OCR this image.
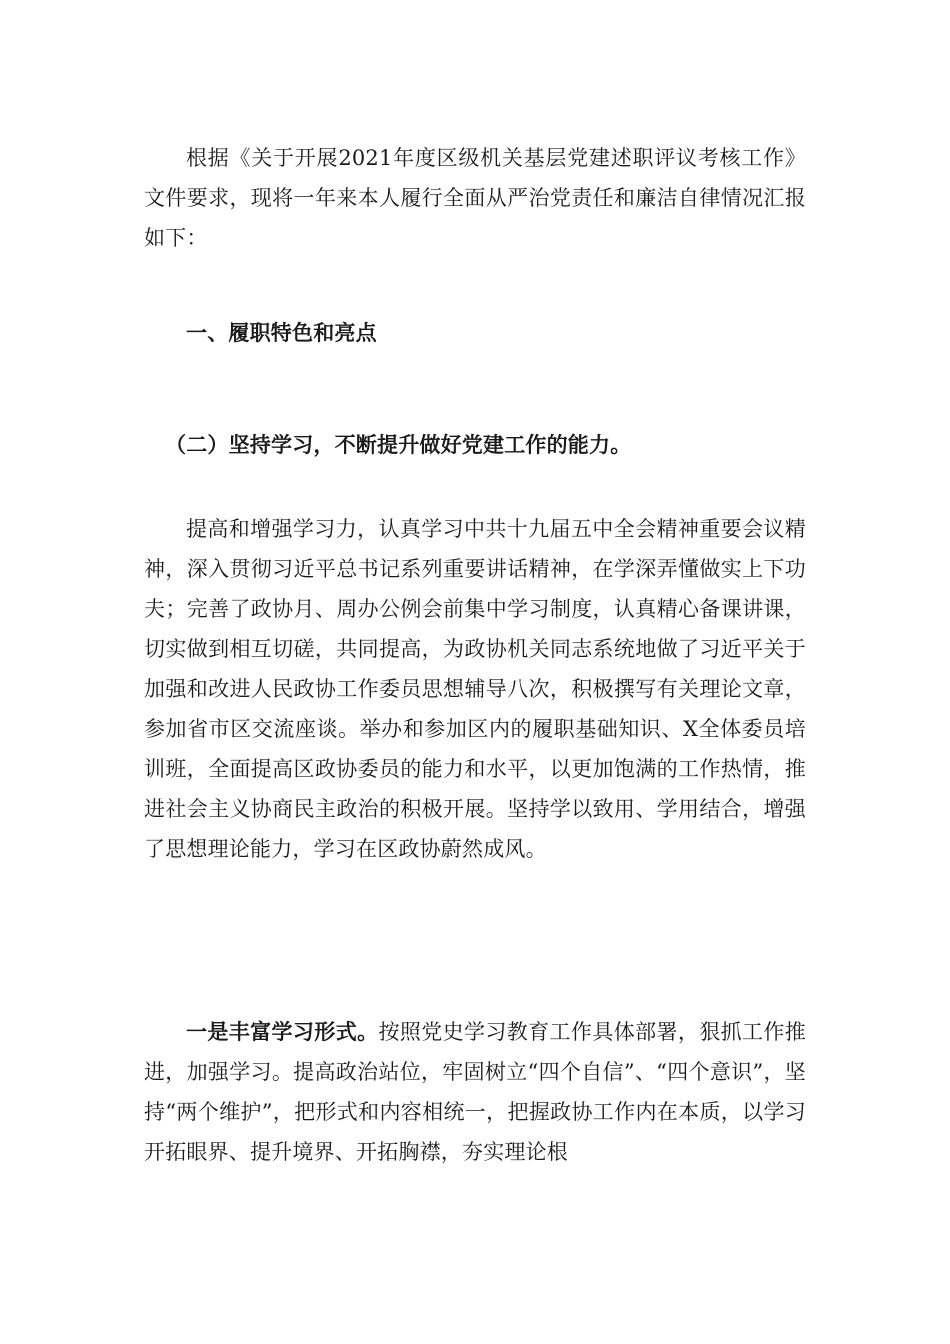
根据《关于开展2021年度区级机关基层党建述职评议考核工作》文件要求，现将一年来本人履行全面从严治党责任和廉洁自律情况汇报如下：

一、履职特色和亮点

（二）坚持学习，不断提升做好党建工作的能力。

提高和增强学习力，认真学习中共十九届五中全会精神重要会议精神，深入贯彻习近平总书记系列重要讲话精神，在学深弄懂做实上下功夫；完善了政协月、周办公例会前集中学习制度，认真精心备课讲课，切实做到相互切磋，共同提高，为政协机关同志系统地做了习近平关于加强和改进人民政协工作委员思想辅导八次，积极撰写有关理论文章，参加省市区交流座谈。举办和参加区内的履职基础知识、X全体委员培训班，全面提高区政协委员的能力和水平，以更加饱满的工作热情，推进社会主义协商民主政治的积极开展。坚持学以致用、学用结合，增强了思想理论能力，学习在区政协蔚然成风。

一是丰富学习形式。按照党史学习教育工作具体部署，狠抓工作推进，加强学习。提高政治站位，牢固树立“四个自信”、“四个意识”，坚持“两个维护”，把形式和内容相统一，把握政协工作内在本质，以学习开拓眼界、提升境界、开拓胸襟，夯实理论根
